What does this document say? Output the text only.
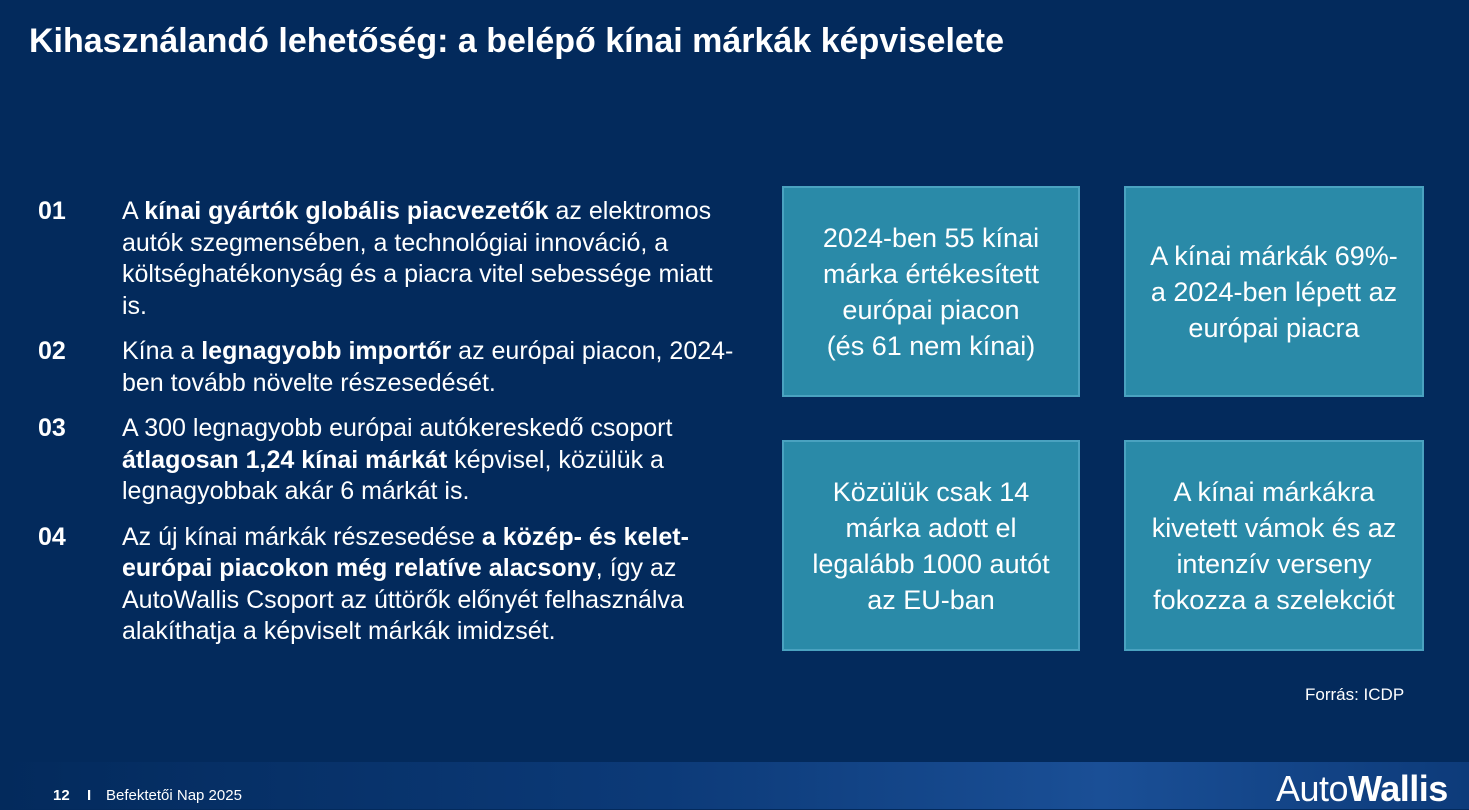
Kihasználandó lehetőség: a belépő kínai márkák képviselete
01 A kínai gyártók globális piacvezetők az elektromos autók szegmensében, a technológiai innováció, a költséghatékonyság és a piacra vitel sebessége miatt is.
02 Kína a legnagyobb importőr az európai piacon, 2024-ben tovább növelte részesedését.
03 A 300 legnagyobb európai autókereskedő csoport átlagosan 1,24 kínai márkát képvisel, közülük a legnagyobbak akár 6 márkát is.
04 Az új kínai márkák részesedése a közép- és kelet-európai piacokon még relatíve alacsony, így az AutoWallis Csoport az úttörők előnyét felhasználva alakíthatja a képviselt márkák imidzsét.
2024-ben 55 kínai
márka értékesített
európai piacon
(és 61 nem kínai)
A kínai márkák 69%-
a 2024-ben lépett az
európai piacra
Közülük csak 14
márka adott el
legalább 1000 autót
az EU-ban
A kínai márkákra
kivetett vámok és az
intenzív verseny
fokozza a szelekciót
Forrás: ICDP
12 I Befektetői Nap 2025	AutoWallis
